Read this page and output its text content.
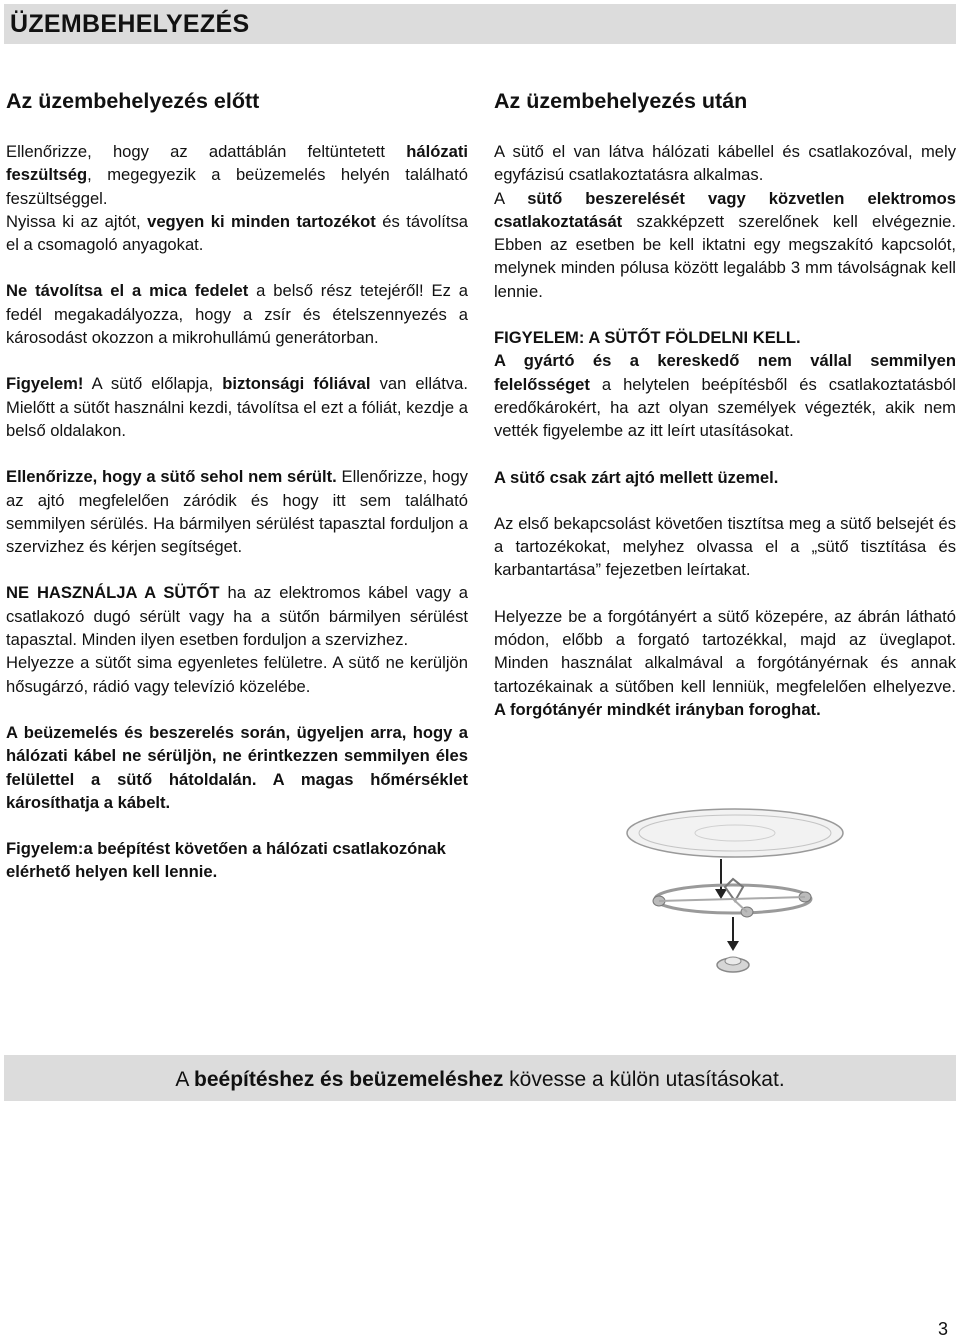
ÜZEMBEHELYEZÉS
Az üzembehelyezés előtt

Ellenőrizze, hogy az adattáblán feltüntetett hálózati feszültség, megegyezik a beüzemelés helyén található feszültséggel.

Nyissa ki az ajtót, vegyen ki minden tartozékot és távolítsa el a csomagoló anyagokat.

Ne távolítsa el a mica fedelet a belső rész tetejéről! Ez a fedél megakadályozza, hogy a zsír és ételszennyezés a károsodást okozzon a mikrohullámú generátorban.

Figyelem! A sütő előlapja, biztonsági fóliával van ellátva. Mielőtt a sütőt használni kezdi, távolítsa el ezt a fóliát, kezdje a belső oldalakon.

Ellenőrizze, hogy a sütő sehol nem sérült. Ellenőrizze, hogy az ajtó megfelelően záródik és hogy itt sem található semmilyen sérülés. Ha bármilyen sérülést tapasztal forduljon a szervizhez és kérjen segítséget.

NE HASZNÁLJA A SÜTŐT ha az elektromos kábel vagy a csatlakozó dugó sérült vagy ha a sütőn bármilyen sérülést tapasztal. Minden ilyen esetben forduljon a szervizhez.

Helyezze a sütőt sima egyenletes felületre. A sütő ne kerüljön hősugárzó, rádió vagy televízió közelébe.

A beüzemelés és beszerelés során, ügyeljen arra, hogy a hálózati kábel ne sérüljön, ne érintkezzen semmilyen éles felülettel a sütő hátoldalán. A magas hőmérséklet károsíthatja a kábelt.

Figyelem:a beépítést követően a hálózati csatlakozónak elérhető helyen kell lennie.

Az üzembehelyezés után

A sütő el van látva hálózati kábellel és csatlakozóval, mely egyfázisú csatlakoztatásra alkalmas.

A sütő beszerelését vagy közvetlen elektromos csatlakoztatását szakképzett szerelőnek kell elvégeznie. Ebben az esetben be kell iktatni egy megszakító kapcsolót, melynek minden pólusa között legalább 3 mm távolságnak kell lennie.

FIGYELEM: A SÜTŐT FÖLDELNI KELL.

A gyártó és a kereskedő nem vállal semmilyen felelősséget a helytelen beépítésből és csatlakoztatásból eredőkárokért, ha azt olyan személyek végezték, akik nem vették figyelembe az itt leírt utasításokat.

A sütő csak zárt ajtó mellett üzemel.

Az első bekapcsolást követően tisztítsa meg a sütő belsejét és a tartozékokat, melyhez olvassa el a „sütő tisztítása és karbantartása” fejezetben leírtakat.

Helyezze be a forgótányért a sütő közepére, az ábrán látható módon, előbb a forgató tartozékkal, majd az üveglapot. Minden használat alkalmával a forgótányérnak és annak tartozékainak a sütőben kell lenniük, megfelelően elhelyezve. A forgótányér mindkét irányban foroghat.

A beépítéshez és beüzemeléshez kövesse a külön utasításokat.
3
